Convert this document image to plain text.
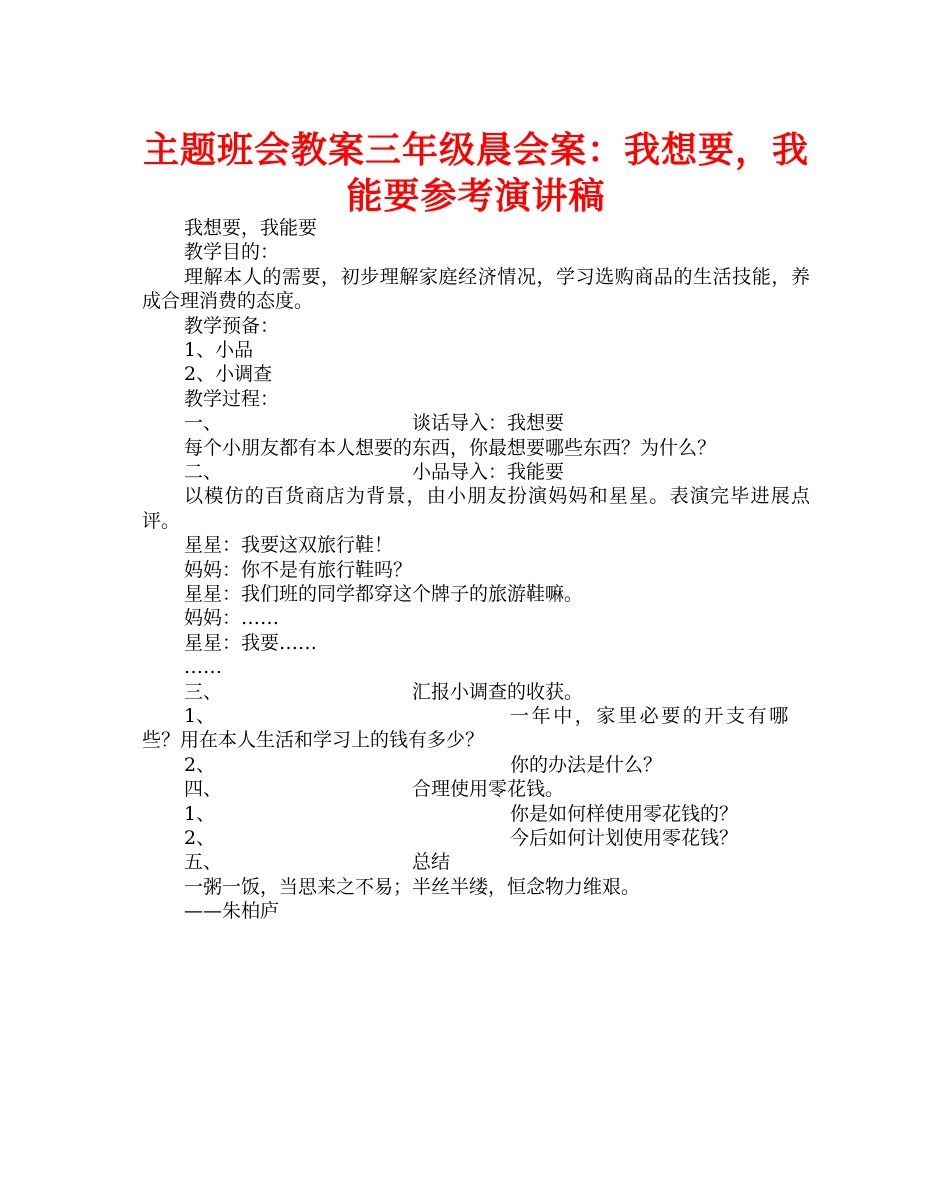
主题班会教案三年级晨会案：我想要，我能要参考演讲稿
我想要，我能要
教学目的：
理解本人的需要，初步理解家庭经济情况，学习选购商品的生活技能，养成合理消费的态度。
教学预备：
1、小品
2、小调查
教学过程：
一、	谈话导入：我想要
每个小朋友都有本人想要的东西，你最想要哪些东西？为什么？
二、	小品导入：我能要
以模仿的百货商店为背景，由小朋友扮演妈妈和星星。表演完毕进展点评。
星星：我要这双旅行鞋！
妈妈：你不是有旅行鞋吗？
星星：我们班的同学都穿这个牌子的旅游鞋嘛。
妈妈：……
星星：我要……
……
三、	汇报小调查的收获。
1、	一年中，家里必要的开支有哪
些？用在本人生活和学习上的钱有多少？
2、	你的办法是什么？
四、	合理使用零花钱。
1、	你是如何样使用零花钱的？
2、	今后如何计划使用零花钱？
五、	总结
一粥一饭，当思来之不易；半丝半缕，恒念物力维艰。
——朱柏庐
